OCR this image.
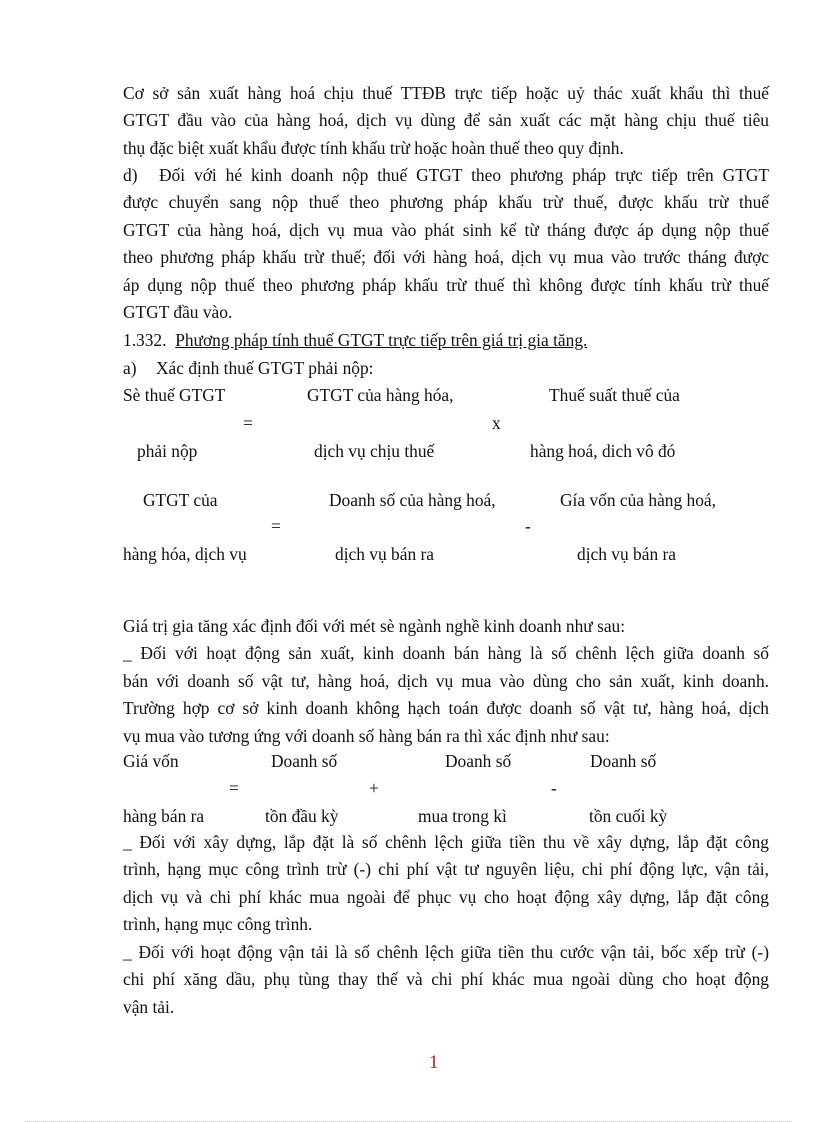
Cơ sở sản xuất hàng hoá chịu thuế TTĐB trực tiếp hoặc uỷ thác xuất khẩu thì thuế
GTGT đầu vào của hàng hoá, dịch vụ dùng để sản xuất các mặt hàng chịu thuế tiêu
thụ đặc biệt xuất khẩu được tính khấu trừ hoặc hoàn thuế theo quy định.
d) Đối với hé kinh doanh nộp thuế GTGT theo phương pháp trực tiếp trên GTGT
được chuyển sang nộp thuế theo phương pháp khấu trừ thuế, được khấu trừ thuế
GTGT của hàng hoá, dịch vụ mua vào phát sinh kể từ tháng được áp dụng nộp thuế
theo phương pháp khấu trừ thuế; đối với hàng hoá, dịch vụ mua vào trước tháng được
áp dụng nộp thuế theo phương pháp khấu trừ thuế thì không được tính khấu trừ thuế
GTGT đầu vào.
1.332. Phương pháp tính thuế GTGT trực tiếp trên giá trị gia tăng.
a) Xác định thuế GTGT phải nộp:
Sè thuế GTGT	GTGT của hàng hóa,	Thuế suất thuế của
=	x
phải nộp	dịch vụ chịu thuế	hàng hoá, dich vô đó
GTGT của	Doanh số của hàng hoá,	Gía vốn của hàng hoá,
=	-
hàng hóa, dịch vụ	dịch vụ bán ra	dịch vụ bán ra
Giá trị gia tăng xác định đối với mét sè ngành nghề kinh doanh như sau:
_ Đối với hoạt động sản xuất, kinh doanh bán hàng là số chênh lệch giữa doanh số
bán với doanh số vật tư, hàng hoá, dịch vụ mua vào dùng cho sản xuất, kinh doanh.
Trường hợp cơ sở kinh doanh không hạch toán được doanh số vật tư, hàng hoá, dịch
vụ mua vào tương ứng với doanh số hàng bán ra thì xác định như sau:
Giá vốn	Doanh số	Doanh số	Doanh số
=	+	-
hàng bán ra	tồn đầu kỳ	mua trong kì	tồn cuối kỳ
_ Đối với xây dựng, lắp đặt là số chênh lệch giữa tiền thu về xây dựng, lắp đặt công
trình, hạng mục công trình trừ (-) chi phí vật tư nguyên liệu, chi phí động lực, vận tải,
dịch vụ và chi phí khác mua ngoài để phục vụ cho hoạt động xây dựng, lắp đặt công
trình, hạng mục công trình.
_ Đối với hoạt động vận tải là số chênh lệch giữa tiền thu cước vận tải, bốc xếp trừ (-)
chi phí xăng dầu, phụ tùng thay thế và chi phí khác mua ngoài dùng cho hoạt động
vận tải.
1
